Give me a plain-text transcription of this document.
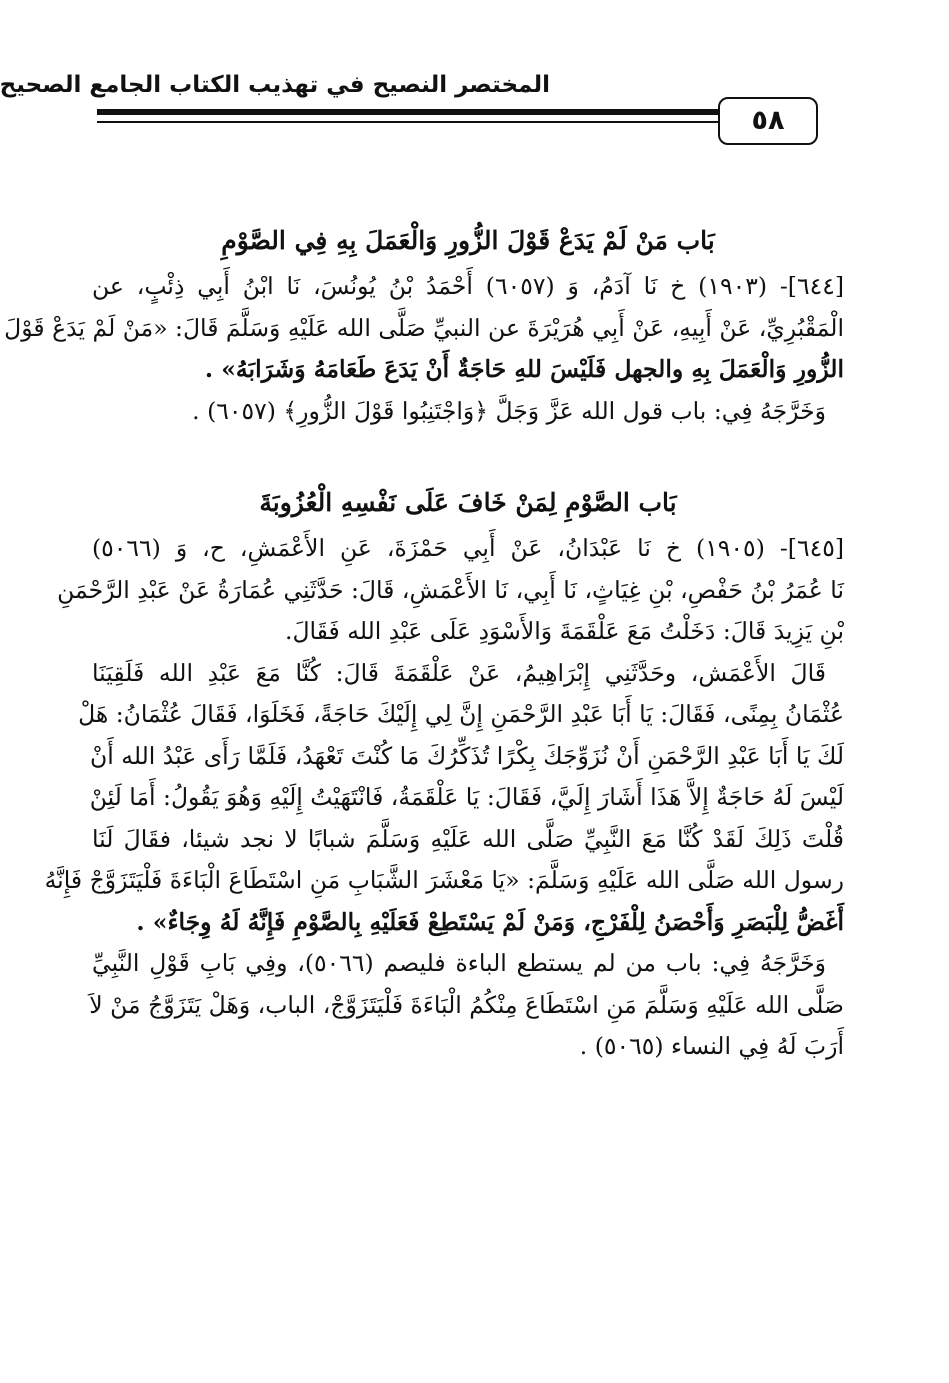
المختصر النصيح في تهذيب الكتاب الجامع الصحيح
٥٨
بَاب مَنْ لَمْ يَدَعْ قَوْلَ الزُّورِ وَالْعَمَلَ بِهِ فِي الصَّوْمِ
[٦٤٤]- (١٩٠٣) خ نَا آدَمُ، وَ (٦٠٥٧) أَحْمَدُ بْنُ يُونُسَ، نَا ابْنُ أَبِي ذِئْبٍ، عن
الْمَقْبُرِيِّ، عَنْ أَبِيهِ، عَنْ أَبِي هُرَيْرَةَ عن النبيِّ صَلَّى الله عَلَيْهِ وَسَلَّمَ قَالَ: «مَنْ لَمْ يَدَعْ قَوْلَ
الزُّورِ وَالْعَمَلَ بِهِ والجهل فَلَيْسَ للهِ حَاجَةٌ أَنْ يَدَعَ طَعَامَهُ وَشَرَابَهُ» .
وَخَرَّجَهُ فِي: باب قول الله عَزَّ وَجَلَّ ﴿وَاجْتَنِبُوا قَوْلَ الزُّورِ﴾ (٦٠٥٧) .
بَاب الصَّوْمِ لِمَنْ خَافَ عَلَى نَفْسِهِ الْعُزُوبَةَ
[٦٤٥]- (١٩٠٥) خ نَا عَبْدَانُ، عَنْ أَبِي حَمْزَةَ، عَنِ الأَعْمَشِ، ح، وَ (٥٠٦٦)
نَا عُمَرُ بْنُ حَفْصِ، بْنِ غِيَاثٍ، نَا أَبِي، نَا الأَعْمَشِ، قَالَ: حَدَّثَنِي عُمَارَةُ عَنْ عَبْدِ الرَّحْمَنِ
بْنِ يَزِيدَ قَالَ: دَخَلْتُ مَعَ عَلْقَمَةَ وَالأَسْوَدِ عَلَى عَبْدِ الله فَقَالَ.
قَالَ الأَعْمَش، وحَدَّثَنِي إِبْرَاهِيمُ، عَنْ عَلْقَمَةَ قَالَ: كُنَّا مَعَ عَبْدِ الله فَلَقِيَنَا
عُثْمَانُ بِمِنًى، فَقَالَ: يَا أَبَا عَبْدِ الرَّحْمَنِ إِنَّ لِي إِلَيْكَ حَاجَةً، فَخَلَوَا، فَقَالَ عُثْمَانُ: هَلْ
لَكَ يَا أَبَا عَبْدِ الرَّحْمَنِ أَنْ نُزَوِّجَكَ بِكْرًا تُذَكِّرُكَ مَا كُنْتَ تَعْهَدُ، فَلَمَّا رَأَى عَبْدُ الله أَنْ
لَيْسَ لَهُ حَاجَةٌ إِلاَّ هَذَا أَشَارَ إِلَيَّ، فَقَالَ: يَا عَلْقَمَةُ، فَانْتَهَيْتُ إِلَيْهِ وَهُوَ يَقُولُ: أَمَا لَئِنْ
قُلْتَ ذَلِكَ لَقَدْ كُنَّا مَعَ النَّبِيِّ صَلَّى الله عَلَيْهِ وَسَلَّمَ شبابًا لا نجد شيئا، فقَالَ لَنَا
رسول الله صَلَّى الله عَلَيْهِ وَسَلَّمَ: «يَا مَعْشَرَ الشَّبَابِ مَنِ اسْتَطَاعَ الْبَاءَةَ فَلْيَتَزَوَّجْ فَإِنَّهُ
أَغَضُّ لِلْبَصَرِ وَأَحْصَنُ لِلْفَرْجِ، وَمَنْ لَمْ يَسْتَطِعْ فَعَلَيْهِ بِالصَّوْمِ فَإِنَّهُ لَهُ وِجَاءٌ» .
وَخَرَّجَهُ فِي: باب من لم يستطع الباءة فليصم (٥٠٦٦)، وفِي بَابِ قَوْلِ النَّبِيِّ
صَلَّى الله عَلَيْهِ وَسَلَّمَ مَنِ اسْتَطَاعَ مِنْكُمُ الْبَاءَةَ فَلْيَتَزَوَّجْ، الباب، وَهَلْ يَتَزَوَّجُ مَنْ لاَ
أَرَبَ لَهُ فِي النساء (٥٠٦٥) .
